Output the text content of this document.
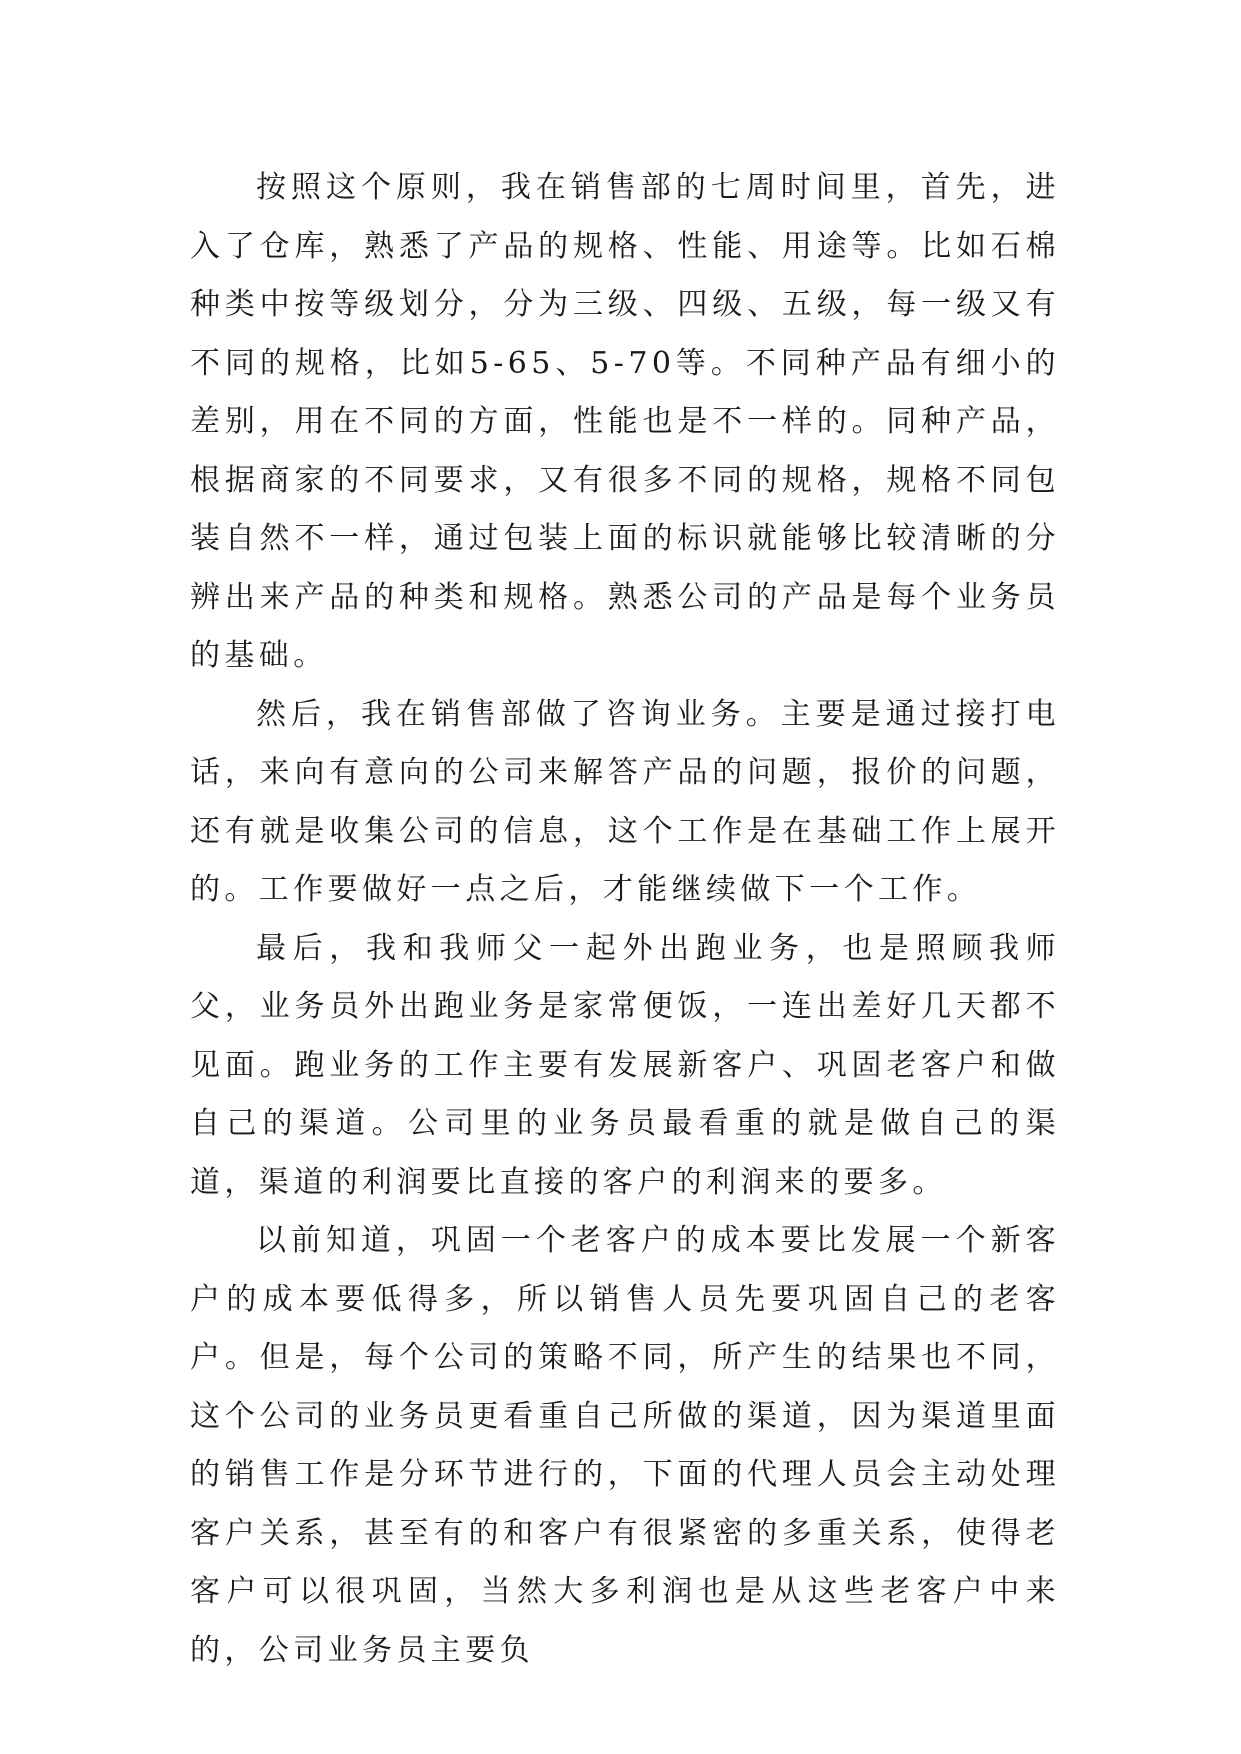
按照这个原则，我在销售部的七周时间里，首先，进入了仓库，熟悉了产品的规格、性能、用途等。比如石棉种类中按等级划分，分为三级、四级、五级，每一级又有不同的规格，比如5-65、5-70等。不同种产品有细小的差别，用在不同的方面，性能也是不一样的。同种产品，根据商家的不同要求，又有很多不同的规格，规格不同包装自然不一样，通过包装上面的标识就能够比较清晰的分辨出来产品的种类和规格。熟悉公司的产品是每个业务员的基础。

然后，我在销售部做了咨询业务。主要是通过接打电话，来向有意向的公司来解答产品的问题，报价的问题，还有就是收集公司的信息，这个工作是在基础工作上展开的。工作要做好一点之后，才能继续做下一个工作。

最后，我和我师父一起外出跑业务，也是照顾我师父，业务员外出跑业务是家常便饭，一连出差好几天都不见面。跑业务的工作主要有发展新客户、巩固老客户和做自己的渠道。公司里的业务员最看重的就是做自己的渠道，渠道的利润要比直接的客户的利润来的要多。

以前知道，巩固一个老客户的成本要比发展一个新客户的成本要低得多，所以销售人员先要巩固自己的老客户。但是，每个公司的策略不同，所产生的结果也不同，这个公司的业务员更看重自己所做的渠道，因为渠道里面的销售工作是分环节进行的，下面的代理人员会主动处理客户关系，甚至有的和客户有很紧密的多重关系，使得老客户可以很巩固，当然大多利润也是从这些老客户中来的，公司业务员主要负
